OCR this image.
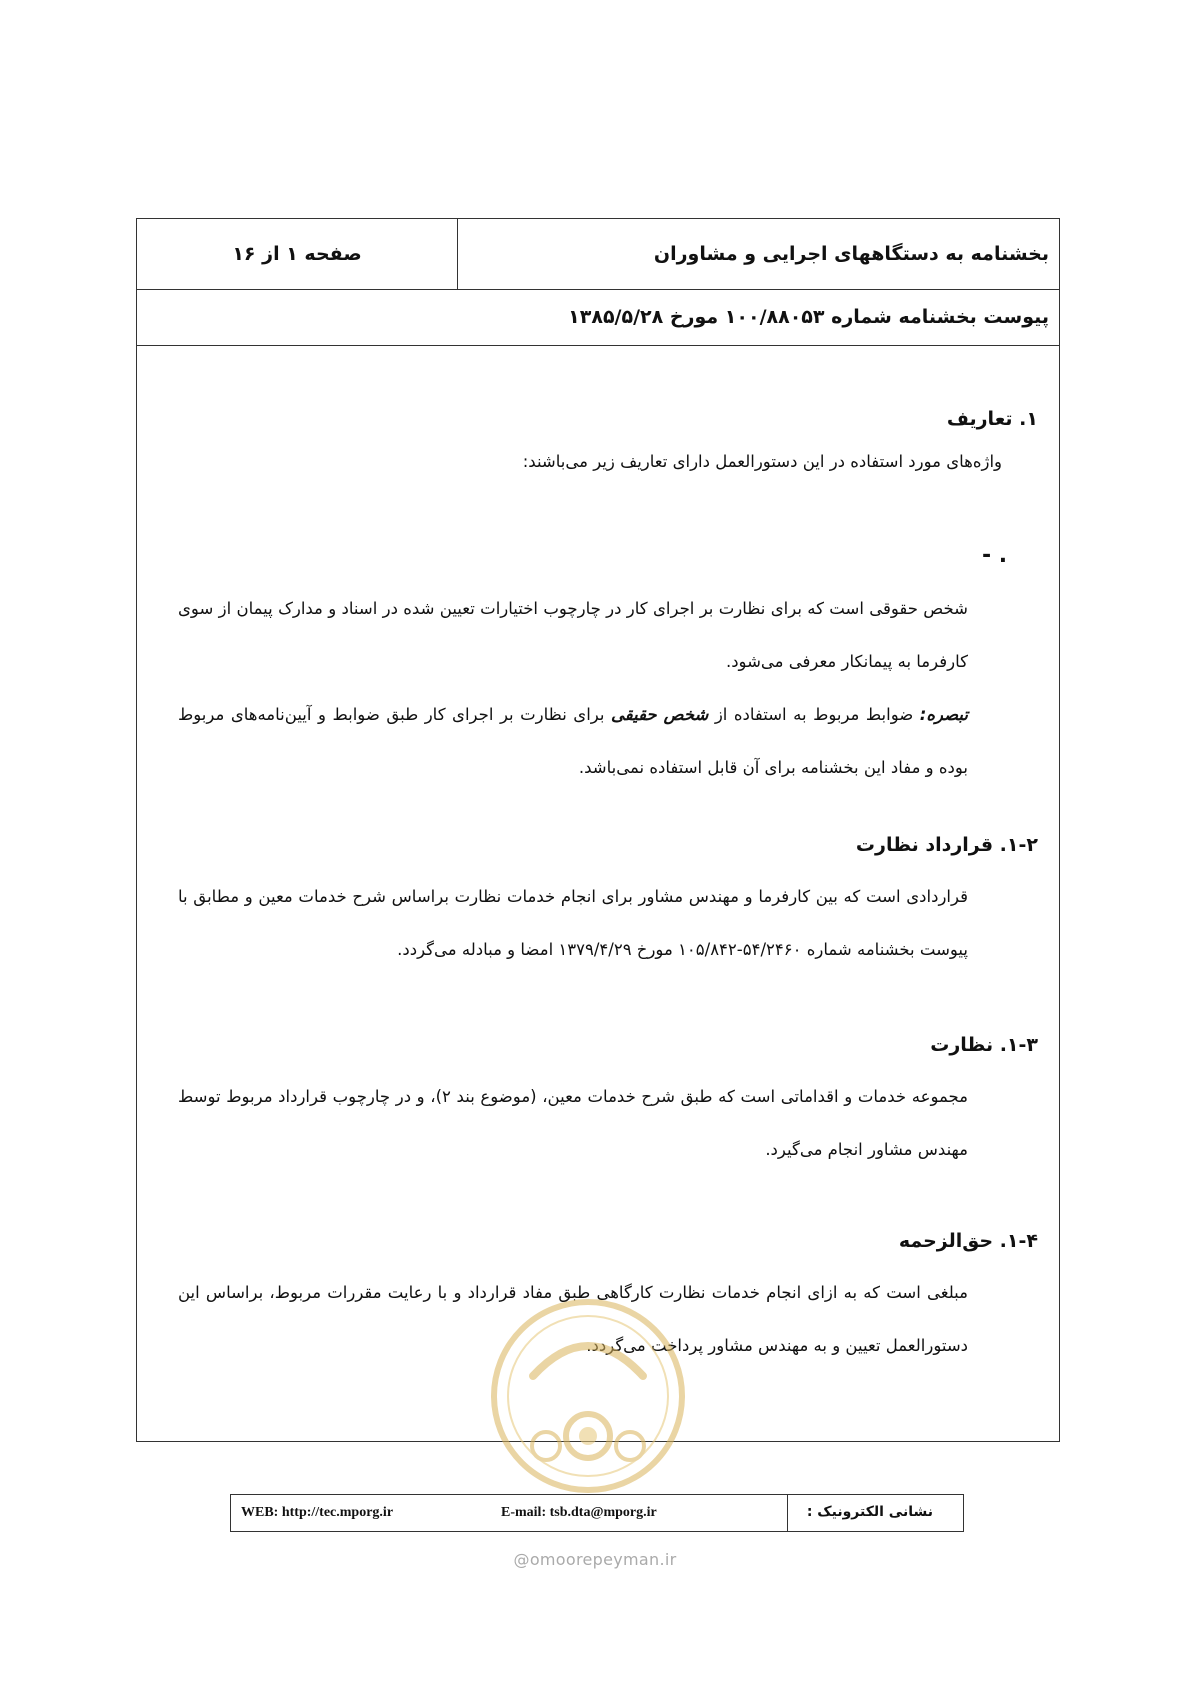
بخشنامه به دستگاههای اجرایی و مشاوران
صفحه ۱ از ۱۶
پیوست بخشنامه شماره ۱۰۰/۸۸۰۵۳ مورخ ۱۳۸۵/۵/۲۸
۱. تعاریف
واژه‌های مورد استفاده در این دستورالعمل دارای تعاریف زیر می‌باشند:
- .

شخص حقوقی است که برای نظارت بر اجرای کار در چارچوب اختیارات تعیین شده در اسناد و مدارک پیمان از سوی کارفرما به پیمانکار معرفی می‌شود.

تبصره: ضوابط مربوط به استفاده از شخص حقیقی برای نظارت بر اجرای کار طبق ضوابط و آیین‌نامه‌های مربوط بوده و مفاد این بخشنامه برای آن قابل استفاده نمی‌باشد.

۱-۲. قرارداد نظارت
قراردادی است که بین کارفرما و مهندس مشاور برای انجام خدمات نظارت براساس شرح خدمات معین و مطابق با پیوست بخشنامه شماره ۵۴/۲۴۶۰-۱۰۵/۸۴۲ مورخ ۱۳۷۹/۴/۲۹ امضا و مبادله می‌گردد.
۱-۳. نظارت
مجموعه خدمات و اقداماتی است که طبق شرح خدمات معین، (موضوع بند ۲)، و در چارچوب قرارداد مربوط توسط مهندس مشاور انجام می‌گیرد.
۱-۴. حق‌الزحمه
مبلغی است که به ازای انجام خدمات نظارت کارگاهی طبق مفاد قرارداد و با رعایت مقررات مربوط، براساس این دستورالعمل تعیین و به مهندس مشاور پرداخت می‌گردد.
WEB: http://tec.mporg.ir	E-mail: tsb.dta@mporg.ir	نشانی الکترونیک :
@omoorepeyman.ir
